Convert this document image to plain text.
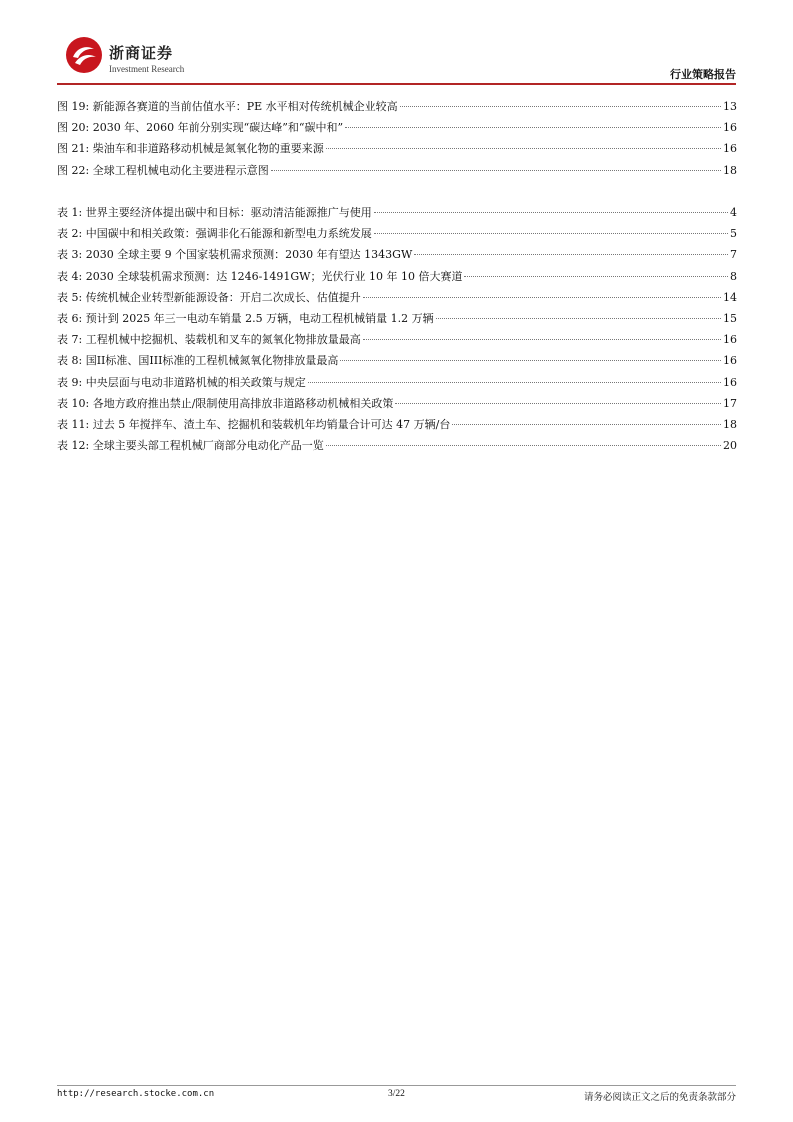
浙商证券
Investment Research	行业策略报告
图 19: 新能源各赛道的当前估值水平：PE 水平相对传统机械企业较高	13
图 20: 2030 年、2060 年前分别实现“碳达峰”和“碳中和”	16
图 21: 柴油车和非道路移动机械是氮氧化物的重要来源	16
图 22: 全球工程机械电动化主要进程示意图	18
表 1: 世界主要经济体提出碳中和目标：驱动清洁能源推广与使用	4
表 2: 中国碳中和相关政策：强调非化石能源和新型电力系统发展	5
表 3: 2030 全球主要 9 个国家装机需求预测：2030 年有望达 1343GW	7
表 4: 2030 全球装机需求预测：达 1246-1491GW；光伏行业 10 年 10 倍大赛道	8
表 5: 传统机械企业转型新能源设备：开启二次成长、估值提升	14
表 6: 预计到 2025 年三一电动车销量 2.5 万辆，电动工程机械销量 1.2 万辆	15
表 7: 工程机械中挖掘机、装载机和叉车的氮氧化物排放量最高	16
表 8: 国II标准、国III标准的工程机械氮氧化物排放量最高	16
表 9: 中央层面与电动非道路机械的相关政策与规定	16
表 10: 各地方政府推出禁止/限制使用高排放非道路移动机械相关政策	17
表 11: 过去 5 年搅拌车、渣土车、挖掘机和装载机年均销量合计可达 47 万辆/台	18
表 12: 全球主要头部工程机械厂商部分电动化产品一览	20
http://research.stocke.com.cn	3/22	请务必阅读正文之后的免责条款部分
